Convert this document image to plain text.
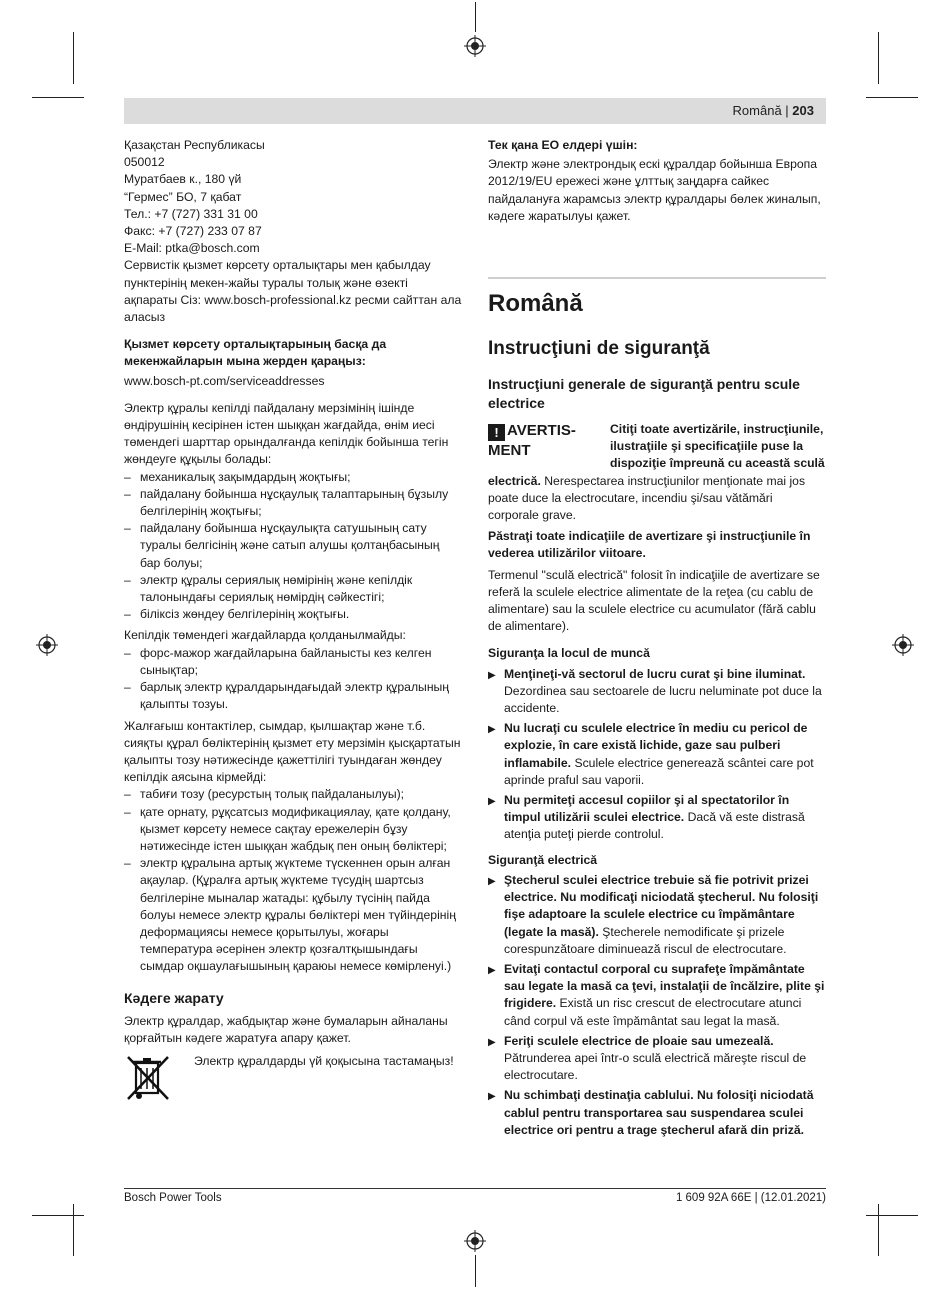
Română | 203
Қазақстан Республикасы
050012
Муратбаев к., 180 үй
“Гермес” БО, 7 қабат
Тел.: +7 (727) 331 31 00
Факс: +7 (727) 233 07 87
E-Mail: ptka@bosch.com

Сервистік қызмет көрсету орталықтары мен қабылдау пунктерінің мекен-жайы туралы толық және өзекті ақпараты Сіз: www.bosch-professional.kz ресми сайттан ала аласыз

Қызмет көрсету орталықтарының басқа да мекенжайларын мына жерден қараңыз:

www.bosch-pt.com/serviceaddresses

Электр құралы кепілді пайдалану мерзімінің ішінде өндірушінің кесірінен істен шыққан жағдайда, өнім иесі төмендегі шарттар орындалғанда кепілдік бойынша тегін жөндеуге құқылы болады:

– механикалық зақымдардың жоқтығы;
– пайдалану бойынша нұсқаулық талаптарының бұзылу белгілерінің жоқтығы;
– пайдалану бойынша нұсқаулықта сатушының сату туралы белгісінің және сатып алушы қолтаңбасының бар болуы;
– электр құралы сериялық нөмірінің және кепілдік талонындағы сериялық нөмірдің сәйкестігі;
– біліксіз жөндеу белгілерінің жоқтығы.

Кепілдік төмендегі жағдайларда қолданылмайды:

– форс-мажор жағдайларына байланысты кез келген сынықтар;
– барлық электр құралдарындағыдай электр құралының қалыпты тозуы.

Жалғағыш контактілер, сымдар, қылшақтар және т.б. сияқты құрал бөліктерінің қызмет ету мерзімін қысқартатын қалыпты тозу нәтижесінде қажеттілігі туындаған жөндеу кепілдік аясына кірмейді:

– табиғи тозу (ресурстың толық пайдаланылуы);
– қате орнату, рұқсатсыз модификациялау, қате қолдану, қызмет көрсету немесе сақтау ережелерін бұзу нәтижесінде істен шыққан жабдық пен оның бөліктері;
– электр құралына артық жүктеме түскеннен орын алған ақаулар. (Құралға артық жүктеме түсудің шартсыз белгілеріне мыналар жатады: құбылу түсінің пайда болуы немесе электр құралы бөліктері мен түйіндерінің деформациясы немесе қорытылуы, жоғары температура әсерінен электр қозғалтқышындағы сымдар оқшаулағышының қараюы немесе көмірленуі.)
Кәдеге жарату

Электр құралдар, жабдықтар және бумаларын айналаны қорғайтын кәдеге жаратуға апару қажет.

Электр құралдарды үй қоқысына тастамаңыз!

Тек қана ЕО елдері үшін:

Электр және электрондық ескі құралдар бойынша Европа 2012/19/EU ережесі және ұлттық заңдарға сайкес пайдалануға жарамсыз электр құралдары бөлек жиналып, кәдеге жаратылуы қажет.

Română
Instrucţiuni de siguranţă
Instrucţiuni generale de siguranţă pentru scule electrice
! AVERTIS-
MENT

Citiţi toate avertizările, instrucţiunile, ilustraţiile şi specificaţiile puse la dispoziţie împreună cu această sculă electrică. Nerespectarea instrucţiunilor menţionate mai jos poate duce la electrocutare, incendiu şi/sau vătămări corporale grave.

Păstraţi toate indicaţiile de avertizare şi instrucţiunile în vederea utilizărilor viitoare.

Termenul "sculă electrică" folosit în indicaţiile de avertizare se referă la sculele electrice alimentate de la reţea (cu cablu de alimentare) sau la sculele electrice cu acumulator (fără cablu de alimentare).

Siguranţa la locul de muncă
▶ Menţineţi-vă sectorul de lucru curat şi bine iluminat. Dezordinea sau sectoarele de lucru neluminate pot duce la accidente.
▶ Nu lucraţi cu sculele electrice în mediu cu pericol de explozie, în care există lichide, gaze sau pulberi inflamabile. Sculele electrice generează scântei care pot aprinde praful sau vaporii.
▶ Nu permiteţi accesul copiilor şi al spectatorilor în timpul utilizării sculei electrice. Dacă vă este distrasă atenţia puteţi pierde controlul.
Siguranţă electrică
▶ Ştecherul sculei electrice trebuie să fie potrivit prizei electrice. Nu modificaţi niciodată ştecherul. Nu folosiţi fişe adaptoare la sculele electrice cu împământare (legate la masă). Ştecherele nemodificate şi prizele corespunzătoare diminuează riscul de electrocutare.
▶ Evitaţi contactul corporal cu suprafeţe împământate sau legate la masă ca ţevi, instalaţii de încălzire, plite şi frigidere. Există un risc crescut de electrocutare atunci când corpul vă este împământat sau legat la masă.
▶ Feriţi sculele electrice de ploaie sau umezeală. Pătrunderea apei într-o sculă electrică măreşte riscul de electrocutare.
▶ Nu schimbaţi destinaţia cablului. Nu folosiţi niciodată cablul pentru transportarea sau suspendarea sculei electrice ori pentru a trage ştecherul afară din priză.
Bosch Power Tools	1 609 92A 66E | (12.01.2021)
